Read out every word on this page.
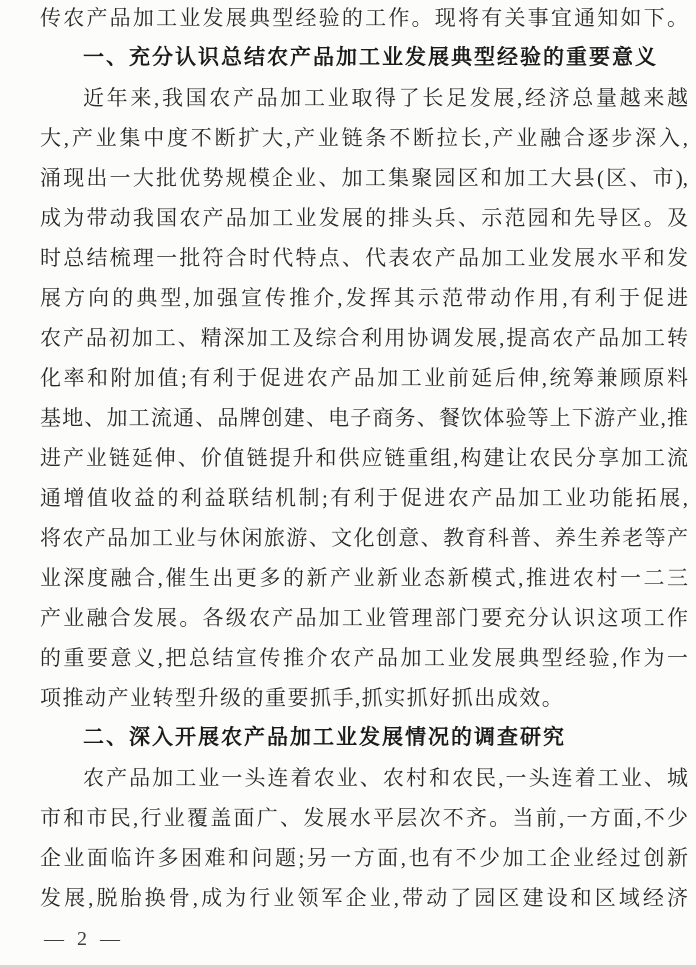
传农产品加工业发展典型经验的工作。现将有关事宜通知如下。
一、充分认识总结农产品加工业发展典型经验的重要意义
近年来,我国农产品加工业取得了长足发展,经济总量越来越
大,产业集中度不断扩大,产业链条不断拉长,产业融合逐步深入,
涌现出一大批优势规模企业、加工集聚园区和加工大县(区、市),
成为带动我国农产品加工业发展的排头兵、示范园和先导区。及
时总结梳理一批符合时代特点、代表农产品加工业发展水平和发
展方向的典型,加强宣传推介,发挥其示范带动作用,有利于促进
农产品初加工、精深加工及综合利用协调发展,提高农产品加工转
化率和附加值;有利于促进农产品加工业前延后伸,统筹兼顾原料
基地、加工流通、品牌创建、电子商务、餐饮体验等上下游产业,推
进产业链延伸、价值链提升和供应链重组,构建让农民分享加工流
通增值收益的利益联结机制;有利于促进农产品加工业功能拓展,
将农产品加工业与休闲旅游、文化创意、教育科普、养生养老等产
业深度融合,催生出更多的新产业新业态新模式,推进农村一二三
产业融合发展。各级农产品加工业管理部门要充分认识这项工作
的重要意义,把总结宣传推介农产品加工业发展典型经验,作为一
项推动产业转型升级的重要抓手,抓实抓好抓出成效。
二、深入开展农产品加工业发展情况的调查研究
农产品加工业一头连着农业、农村和农民,一头连着工业、城
市和市民,行业覆盖面广、发展水平层次不齐。当前,一方面,不少
企业面临许多困难和问题;另一方面,也有不少加工企业经过创新
发展,脱胎换骨,成为行业领军企业,带动了园区建设和区域经济
— 2 —
